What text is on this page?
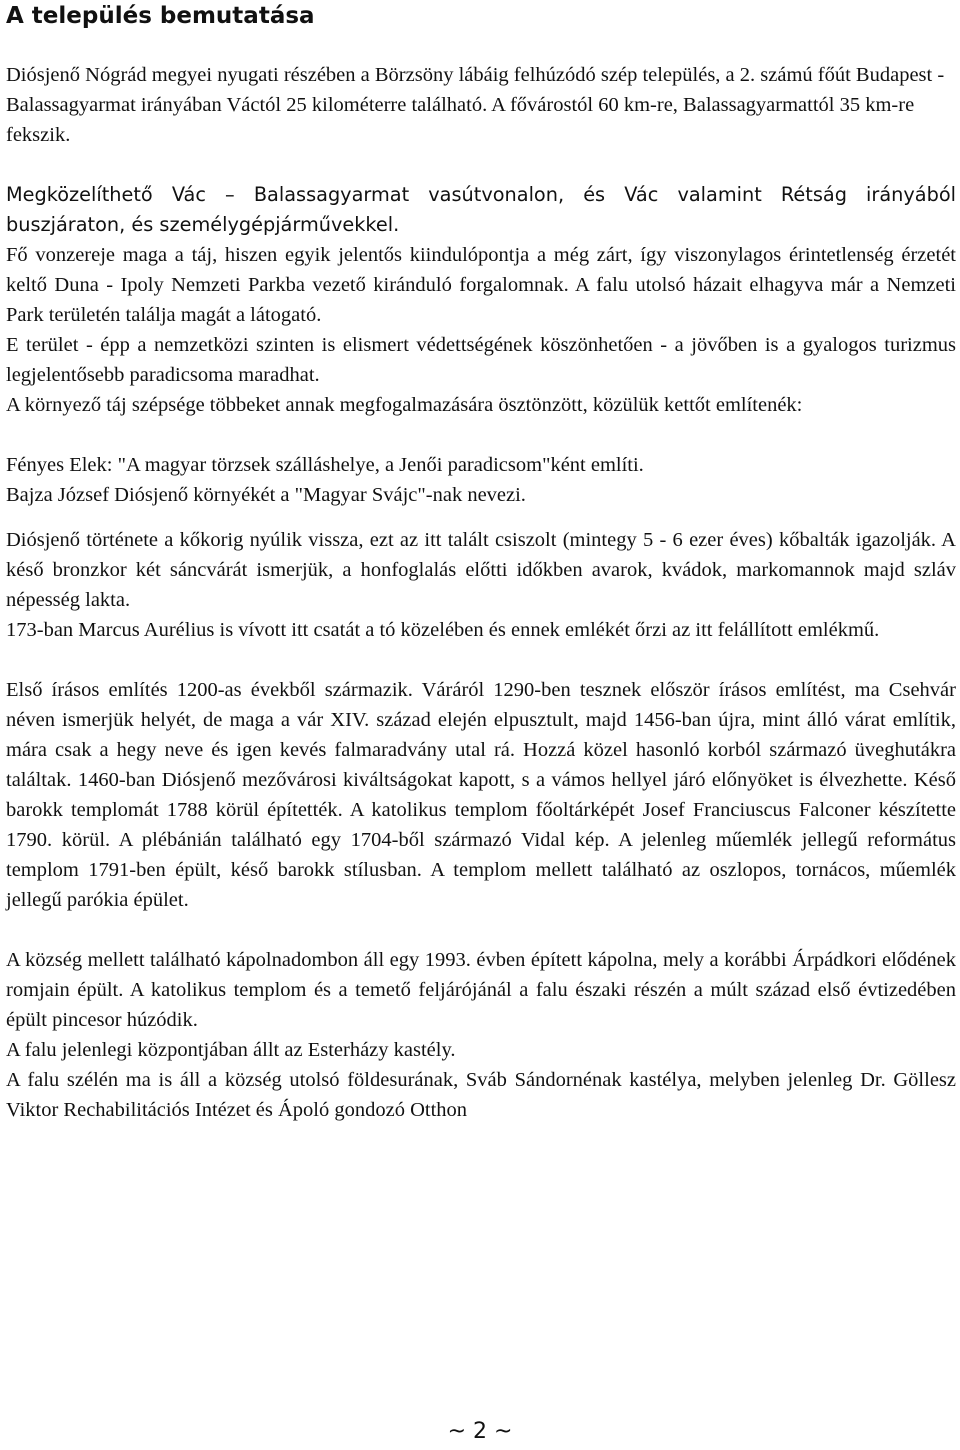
A település bemutatása

Diósjenő Nógrád megyei nyugati részében a Börzsöny lábáig felhúzódó szép település, a 2. számú főút Budapest - Balassagyarmat irányában Váctól 25 kilométerre található. A fővárostól 60 km-re, Balassagyarmattól 35 km-re fekszik.

Megközelíthető Vác – Balassagyarmat vasútvonalon, és Vác valamint Rétság irányából buszjáraton, és személygépjárművekkel.

Fő vonzereje maga a táj, hiszen egyik jelentős kiindulópontja a még zárt, így viszonylagos érintetlenség érzetét keltő Duna - Ipoly Nemzeti Parkba vezető kiránduló forgalomnak. A falu utolsó házait elhagyva már a Nemzeti Park területén találja magát a látogató.

E terület - épp a nemzetközi szinten is elismert védettségének köszönhetően - a jövőben is a gyalogos turizmus legjelentősebb paradicsoma maradhat.

A környező táj szépsége többeket annak megfogalmazására ösztönzött, közülük kettőt említenék:

Fényes Elek: "A magyar törzsek szálláshelye, a Jenői paradicsom"ként említi.

Bajza József Diósjenő környékét a "Magyar Svájc"-nak nevezi.

Diósjenő története a kőkorig nyúlik vissza, ezt az itt talált csiszolt (mintegy 5 - 6 ezer éves) kőbalták igazolják. A késő bronzkor két sáncvárát ismerjük, a honfoglalás előtti időkben avarok, kvádok, markomannok majd szláv népesség lakta.

173-ban Marcus Aurélius is vívott itt csatát a tó közelében és ennek emlékét őrzi az itt felállított emlékmű.

Első írásos említés 1200-as évekből származik. Váráról 1290-ben tesznek először írásos említést, ma Csehvár néven ismerjük helyét, de maga a vár XIV. század elején elpusztult, majd 1456-ban újra, mint álló várat említik, mára csak a hegy neve és igen kevés falmaradvány utal rá. Hozzá közel hasonló korból származó üveghutákra találtak. 1460-ban Diósjenő mezővárosi kiváltságokat kapott, s a vámos hellyel járó előnyöket is élvezhette. Késő barokk templomát 1788 körül építették. A katolikus templom főoltárképét Josef Franciuscus Falconer készítette 1790. körül. A plébánián található egy 1704-ből származó Vidal kép. A jelenleg műemlék jellegű református templom 1791-ben épült, késő barokk stílusban. A templom mellett található az oszlopos, tornácos, műemlék jellegű parókia épület.

A község mellett található kápolnadombon áll egy 1993. évben épített kápolna, mely a korábbi Árpádkori elődének romjain épült. A katolikus templom és a temető feljárójánál a falu északi részén a múlt század első évtizedében épült pincesor húzódik.

A falu jelenlegi központjában állt az Esterházy kastély.

A falu szélén ma is áll a község utolsó földesurának, Sváb Sándornénak kastélya, melyben jelenleg Dr. Göllesz Viktor Rechabilitációs Intézet és Ápoló gondozó Otthon

~ 2 ~
